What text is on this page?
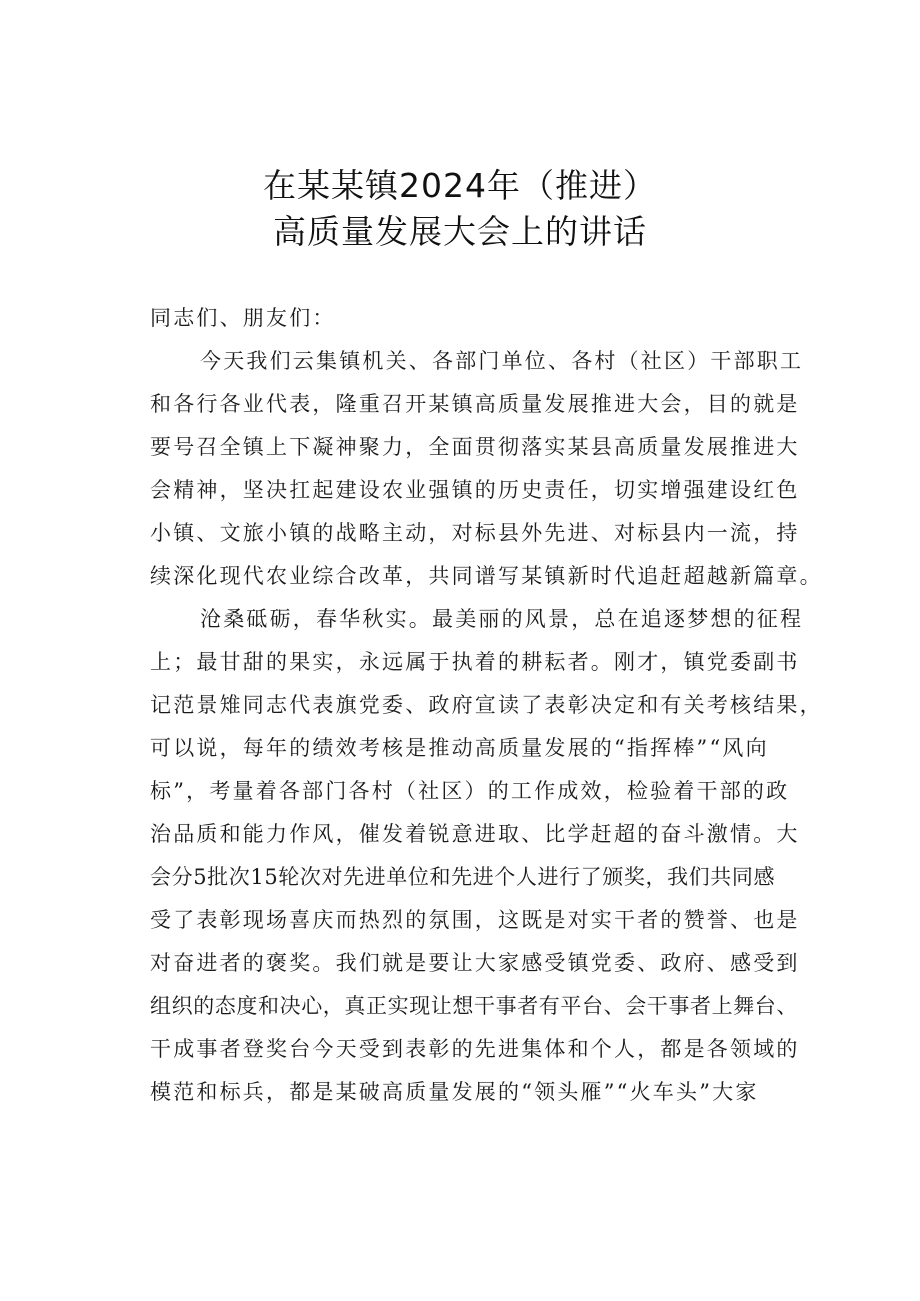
在某某镇2024年（推进）
高质量发展大会上的讲话
同志们、朋友们：
今天我们云集镇机关、各部门单位、各村（社区）干部职工
和各行各业代表，隆重召开某镇高质量发展推进大会，目的就是
要号召全镇上下凝神聚力，全面贯彻落实某县高质量发展推进大
会精神，坚决扛起建设农业强镇的历史责任，切实增强建设红色
小镇、文旅小镇的战略主动，对标县外先进、对标县内一流，持
续深化现代农业综合改革，共同谱写某镇新时代追赶超越新篇章。
沧桑砥砺，春华秋实。最美丽的风景，总在追逐梦想的征程
上；最甘甜的果实，永远属于执着的耕耘者。刚才，镇党委副书
记范景雉同志代表旗党委、政府宣读了表彰决定和有关考核结果，
可以说，每年的绩效考核是推动高质量发展的“指挥棒”“风向
标”，考量着各部门各村（社区）的工作成效，检验着干部的政
治品质和能力作风，催发着锐意进取、比学赶超的奋斗激情。大
会分5批次15轮次对先进单位和先进个人进行了颁奖，我们共同感
受了表彰现场喜庆而热烈的氛围，这既是对实干者的赞誉、也是
对奋进者的褒奖。我们就是要让大家感受镇党委、政府、感受到
组织的态度和决心，真正实现让想干事者有平台、会干事者上舞台、
干成事者登奖台今天受到表彰的先进集体和个人，都是各领域的
模范和标兵，都是某破高质量发展的“领头雁”“火车头”大家
